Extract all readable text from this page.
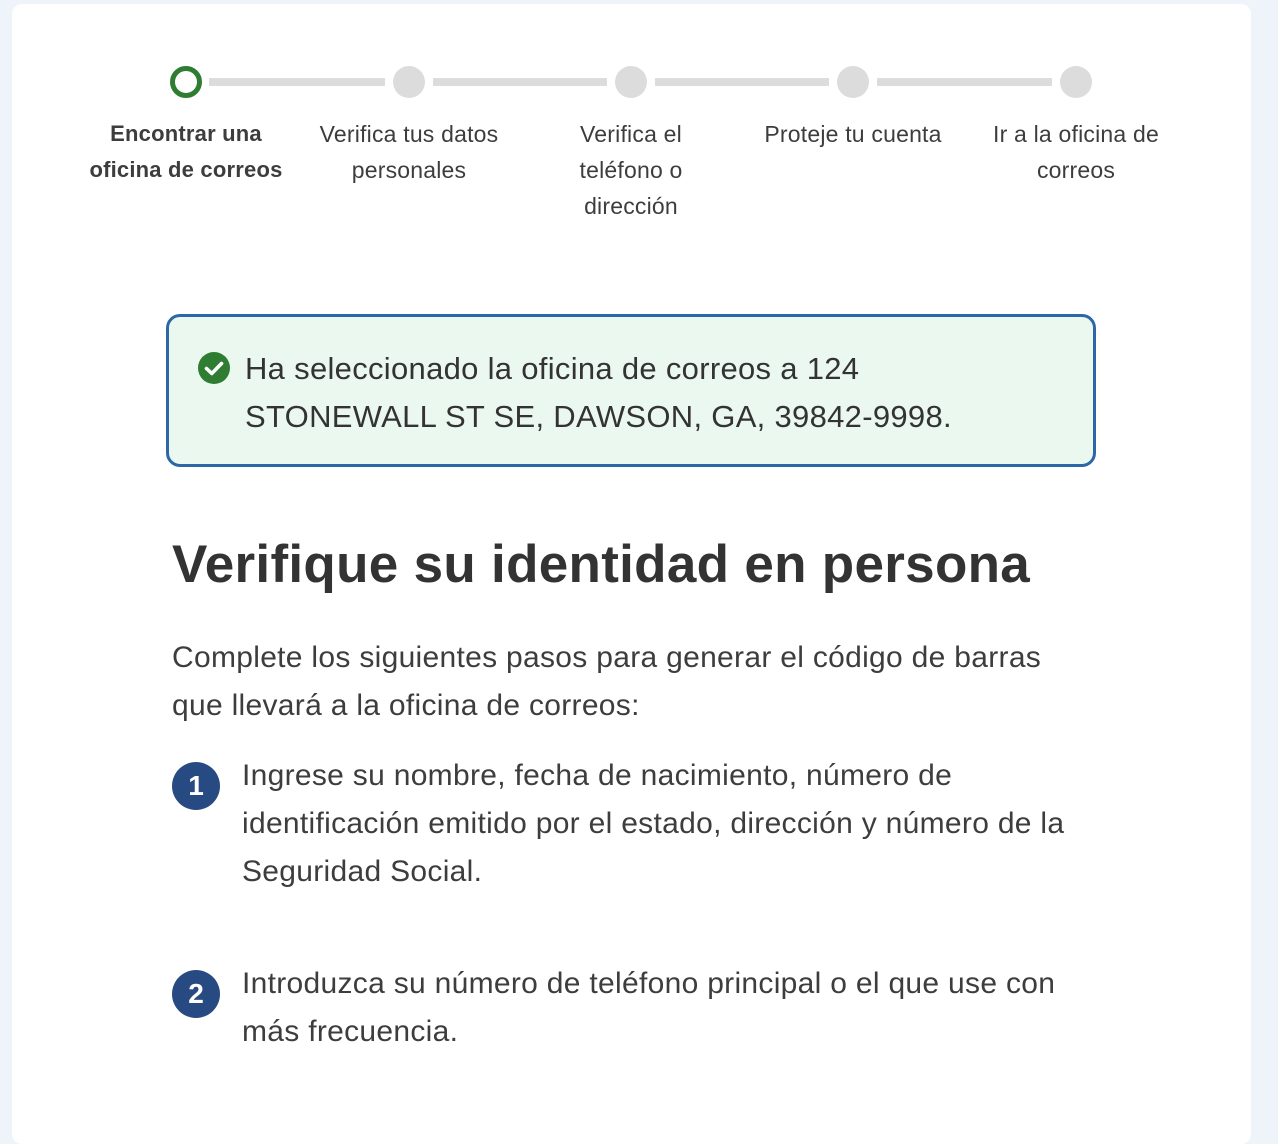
Encontrar una oficina de correos
Verifica tus datos personales
Verifica el teléfono o dirección
Proteje tu cuenta	Ir a la oficina de correos
Ha seleccionado la oficina de correos a 124 STONEWALL ST SE, DAWSON, GA, 39842-9998.
Verifique su identidad en persona

Complete los siguientes pasos para generar el código de barras que llevará a la oficina de correos:

1	Ingrese su nombre, fecha de nacimiento, número de identificación emitido por el estado, dirección y número de la Seguridad Social.
2	Introduzca su número de teléfono principal o el que use con más frecuencia.
